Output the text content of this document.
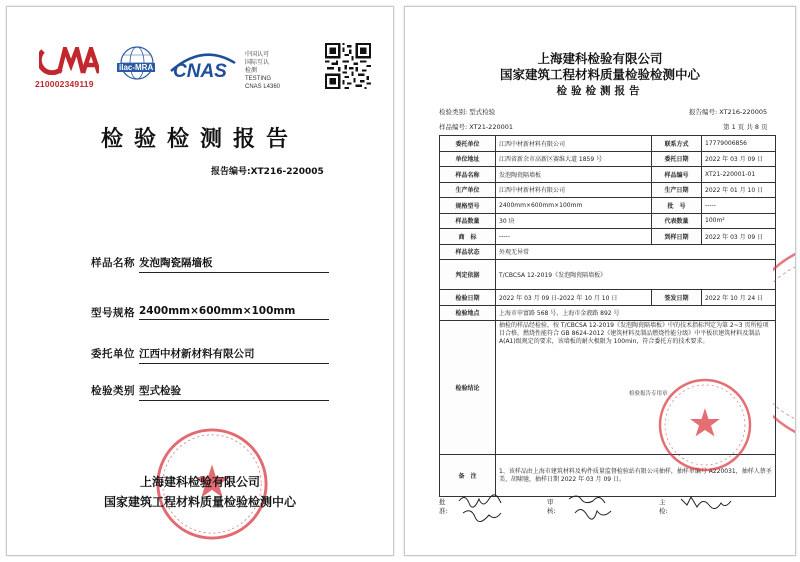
210002349119
ilac-MRA CNAS
中国认可
国际互认
检测
TESTING
CNAS L4360
检验检测报告
报告编号:XT216-220005
样品名称 发泡陶瓷隔墙板
型号规格 2400mm×600mm×100mm
委托单位 江西中材新材料有限公司
检验类别 型式检验
上海建科检验有限公司
国家建筑工程材料质量检验检测中心
上海建科检验有限公司
国家建筑工程材料质量检验检测中心
检验检测报告
检验类别: 型式检验	报告编号: XT216-220005
样品编号: XT21-220001	第 1 页 共 8 页
委托单位	江西中材新材料有限公司	联系方式	17779006856
单位地址	江西省新余市高新区赛维大道 1859 号	委托日期	2022 年 03 月 09 日
样品名称	发泡陶瓷隔墙板	样品编号	XT21-220001-01
生产单位	江西中材新材料有限公司	生产日期	2022 年 01 月 10 日
规格型号	2400mm×600mm×100mm	批　号	-----
样品数量	30 块	代表数量	100m²
商　标	-----	到样日期	2022 年 03 月 09 日
样品状态	外观无异常		
判定依据	T/CBCSA 12-2019《发泡陶瓷隔墙板》		
检验日期	2022 年 03 月 09 日-2022 年 10 月 10 日	签发日期	2022 年 10 月 24 日
检验地点	上海市申富路 568 号，上海市金液路 892 号		
检验结论	抽检的样品经检验，按 T/CBCSA 12-2019《发泡陶瓷隔墙板》中的技术指标判定为第 2~3 页所检项目合格，燃烧性能符合 GB 8624-2012《建筑材料及制品燃烧性能分级》中平板状建筑材料及制品 A(A1)级规定的要求，该墙板的耐火极限为 100min，符合委托方的技术要求。
检验报告专用章		

备　注	1、该样品由上海市建筑材料及构件质量监督检验站有限公司抽样，抽样单编号 A220031，抽样人蔡圣美、胡啸驰，抽样日期 2022 年 03 月 09 日。		
批准:
审核:
主检:
